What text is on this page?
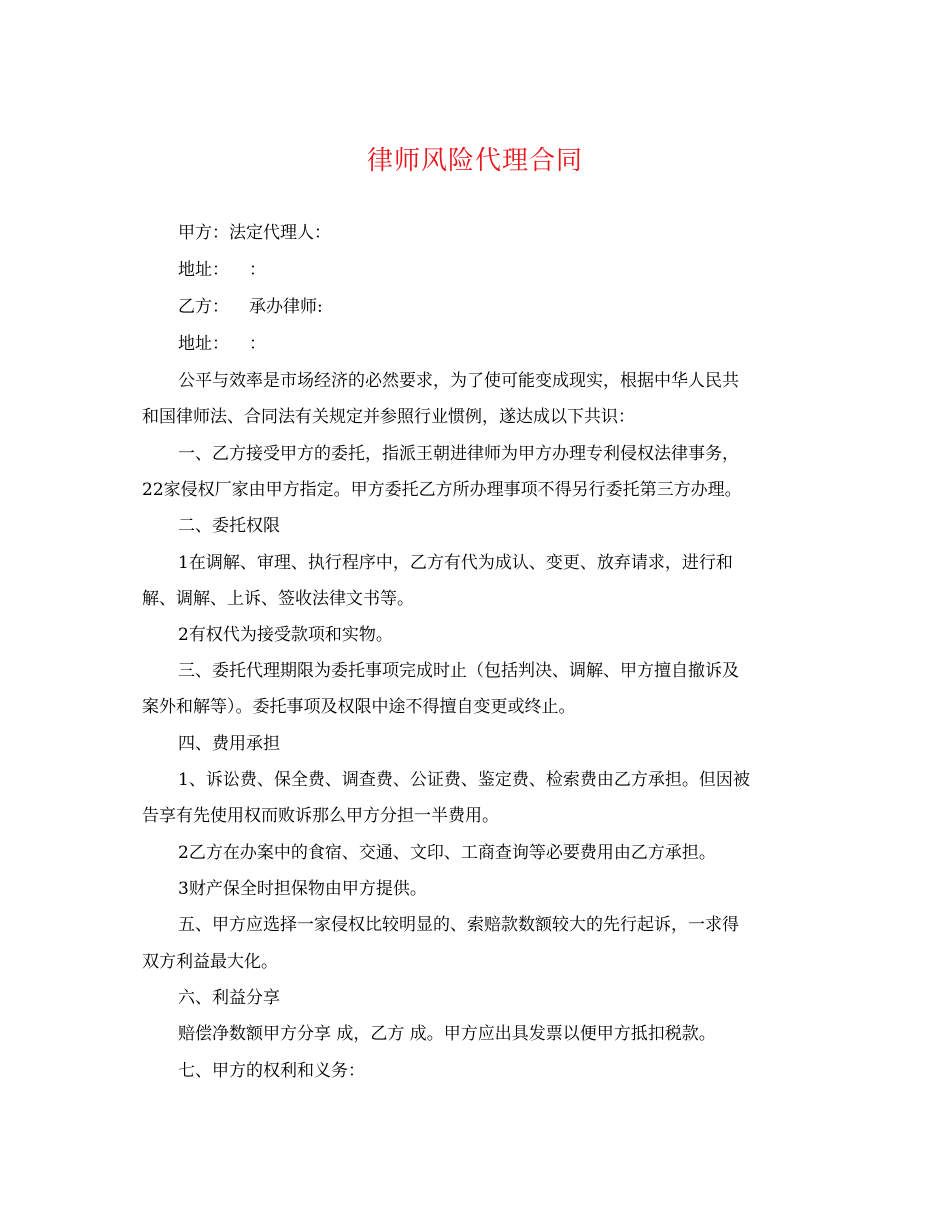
律师风险代理合同
甲方：法定代理人：
地址： ：
乙方： 承办律师:
地址： ：
公平与效率是市场经济的必然要求，为了使可能变成现实，根据中华人民共
和国律师法、合同法有关规定并参照行业惯例，遂达成以下共识：
一、乙方接受甲方的委托，指派王朝进律师为甲方办理专利侵权法律事务，
22家侵权厂家由甲方指定。甲方委托乙方所办理事项不得另行委托第三方办理。
二、委托权限
1在调解、审理、执行程序中，乙方有代为成认、变更、放弃请求，进行和
解、调解、上诉、签收法律文书等。
2有权代为接受款项和实物。
三、委托代理期限为委托事项完成时止（包括判决、调解、甲方擅自撤诉及
案外和解等）。委托事项及权限中途不得擅自变更或终止。
四、费用承担
1、诉讼费、保全费、调查费、公证费、鉴定费、检索费由乙方承担。但因被
告享有先使用权而败诉那么甲方分担一半费用。
2乙方在办案中的食宿、交通、文印、工商查询等必要费用由乙方承担。
3财产保全时担保物由甲方提供。
五、甲方应选择一家侵权比较明显的、索赔款数额较大的先行起诉，一求得
双方利益最大化。
六、利益分享
赔偿净数额甲方分享 成，乙方 成。甲方应出具发票以便甲方抵扣税款。
七、甲方的权利和义务：
